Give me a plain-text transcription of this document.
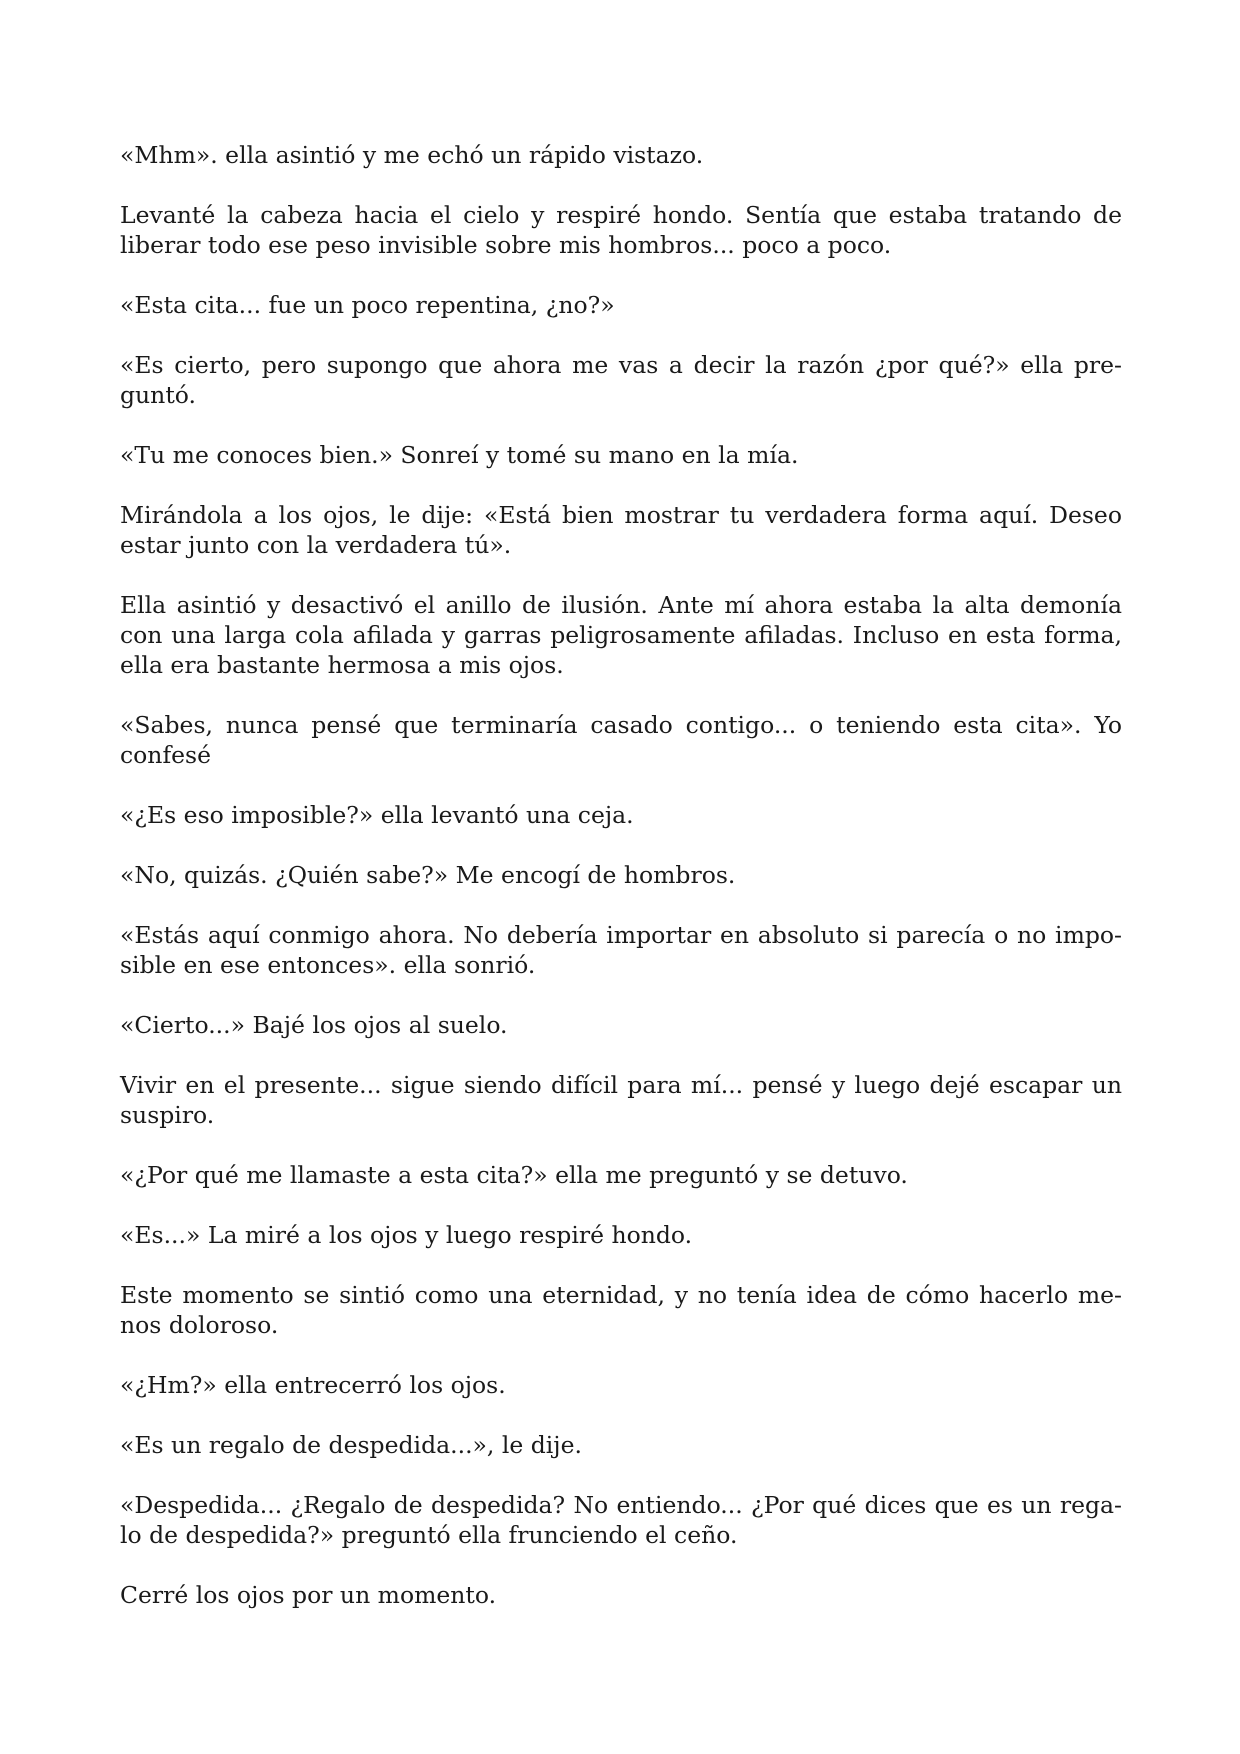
«Mhm». ella asintió y me echó un rápido vistazo.

Levanté la cabeza hacia el cielo y respiré hondo. Sentía que estaba tratando de liberar todo ese peso invisible sobre mis hombros... poco a poco.

«Esta cita... fue un poco repentina, ¿no?»

«Es cierto, pero supongo que ahora me vas a decir la razón ¿por qué?» ella preguntó.

«Tu me conoces bien.» Sonreí y tomé su mano en la mía.

Mirándola a los ojos, le dije: «Está bien mostrar tu verdadera forma aquí. Deseo estar junto con la verdadera tú».

Ella asintió y desactivó el anillo de ilusión. Ante mí ahora estaba la alta demonía con una larga cola afilada y garras peligrosamente afiladas. Incluso en esta forma, ella era bastante hermosa a mis ojos.

«Sabes, nunca pensé que terminaría casado contigo... o teniendo esta cita». Yo confesé

«¿Es eso imposible?» ella levantó una ceja.

«No, quizás. ¿Quién sabe?» Me encogí de hombros.

«Estás aquí conmigo ahora. No debería importar en absoluto si parecía o no imposible en ese entonces». ella sonrió.

«Cierto...» Bajé los ojos al suelo.

Vivir en el presente... sigue siendo difícil para mí... pensé y luego dejé escapar un suspiro.

«¿Por qué me llamaste a esta cita?» ella me preguntó y se detuvo.

«Es...» La miré a los ojos y luego respiré hondo.

Este momento se sintió como una eternidad, y no tenía idea de cómo hacerlo menos doloroso.

«¿Hm?» ella entrecerró los ojos.

«Es un regalo de despedida...», le dije.

«Despedida... ¿Regalo de despedida? No entiendo... ¿Por qué dices que es un regalo de despedida?» preguntó ella frunciendo el ceño.

Cerré los ojos por un momento.
